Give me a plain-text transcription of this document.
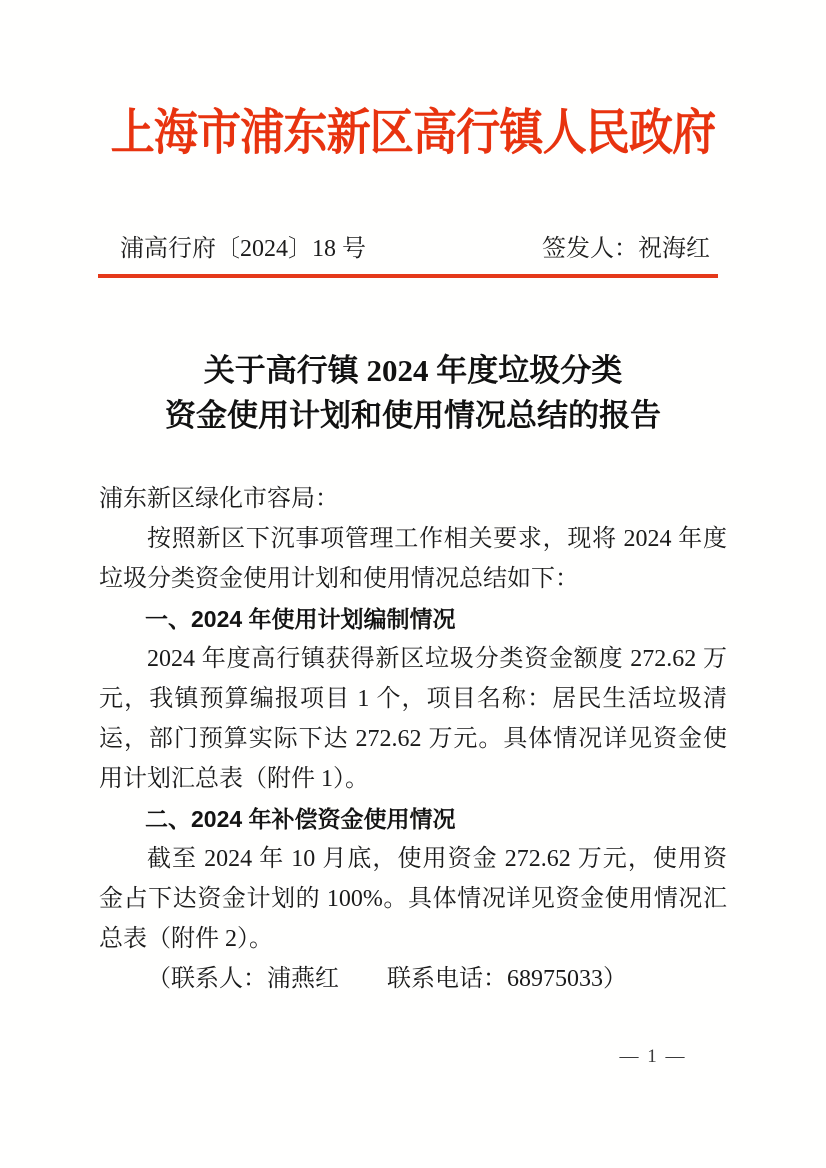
上海市浦东新区高行镇人民政府
浦高行府〔2024〕18 号	签发人：祝海红
关于高行镇 2024 年度垃圾分类
资金使用计划和使用情况总结的报告

浦东新区绿化市容局：

按照新区下沉事项管理工作相关要求，现将 2024 年度垃圾分类资金使用计划和使用情况总结如下：

一、2024 年使用计划编制情况

2024 年度高行镇获得新区垃圾分类资金额度 272.62 万元，我镇预算编报项目 1 个，项目名称：居民生活垃圾清运，部门预算实际下达 272.62 万元。具体情况详见资金使用计划汇总表（附件 1）。

二、2024 年补偿资金使用情况

截至 2024 年 10 月底，使用资金 272.62 万元，使用资金占下达资金计划的 100%。具体情况详见资金使用情况汇总表（附件 2）。

（联系人：浦燕红　　联系电话：68975033）

— 1 —
